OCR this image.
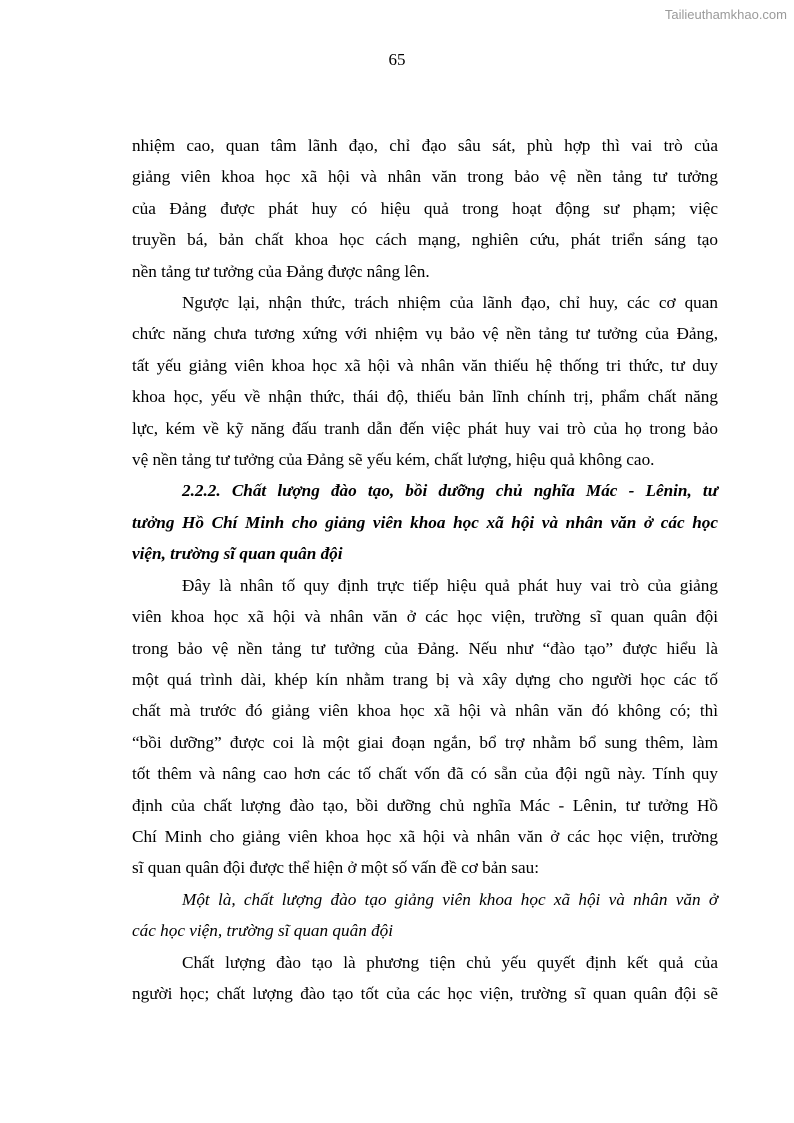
Tailieuthamkhao.com
65

nhiệm cao, quan tâm lãnh đạo, chỉ đạo sâu sát, phù hợp thì vai trò của
giảng viên khoa học xã hội và nhân văn trong bảo vệ nền tảng tư tưởng
của Đảng được phát huy có hiệu quả trong hoạt động sư phạm; việc
truyền bá, bản chất khoa học cách mạng, nghiên cứu, phát triển sáng tạo
nền tảng tư tưởng của Đảng được nâng lên.

Ngược lại, nhận thức, trách nhiệm của lãnh đạo, chỉ huy, các cơ quan
chức năng chưa tương xứng với nhiệm vụ bảo vệ nền tảng tư tưởng của Đảng,
tất yếu giảng viên khoa học xã hội và nhân văn thiếu hệ thống tri thức, tư duy
khoa học, yếu về nhận thức, thái độ, thiếu bản lĩnh chính trị, phẩm chất năng
lực, kém về kỹ năng đấu tranh dẫn đến việc phát huy vai trò của họ trong bảo
vệ nền tảng tư tưởng của Đảng sẽ yếu kém, chất lượng, hiệu quả không cao.

2.2.2. Chất lượng đào tạo, bồi dưỡng chủ nghĩa Mác - Lênin, tư
tưởng Hồ Chí Minh cho giảng viên khoa học xã hội và nhân văn ở các học
viện, trường sĩ quan quân đội

Đây là nhân tố quy định trực tiếp hiệu quả phát huy vai trò của giảng
viên khoa học xã hội và nhân văn ở các học viện, trường sĩ quan quân đội
trong bảo vệ nền tảng tư tưởng của Đảng. Nếu như “đào tạo” được hiểu là
một quá trình dài, khép kín nhằm trang bị và xây dựng cho người học các tố
chất mà trước đó giảng viên khoa học xã hội và nhân văn đó không có; thì
“bồi dưỡng” được coi là một giai đoạn ngắn, bổ trợ nhằm bổ sung thêm, làm
tốt thêm và nâng cao hơn các tố chất vốn đã có sẵn của đội ngũ này. Tính quy
định của chất lượng đào tạo, bồi dưỡng chủ nghĩa Mác - Lênin, tư tưởng Hồ
Chí Minh cho giảng viên khoa học xã hội và nhân văn ở các học viện, trường
sĩ quan quân đội được thể hiện ở một số vấn đề cơ bản sau:

Một là, chất lượng đào tạo giảng viên khoa học xã hội và nhân văn ở
các học viện, trường sĩ quan quân đội

Chất lượng đào tạo là phương tiện chủ yếu quyết định kết quả của
người học; chất lượng đào tạo tốt của các học viện, trường sĩ quan quân đội sẽ
